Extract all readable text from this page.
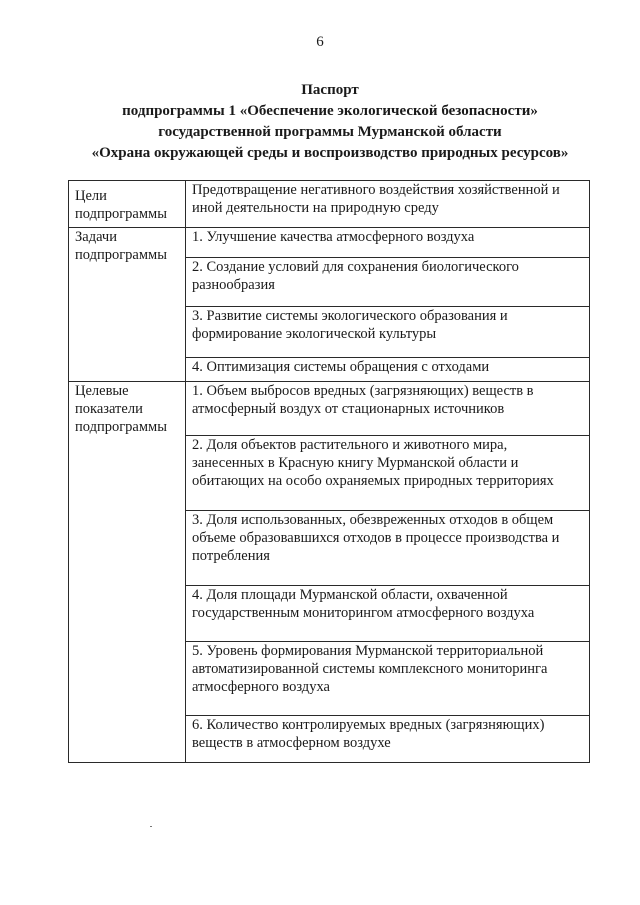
6
Паспорт
подпрограммы 1 «Обеспечение экологической безопасности»
государственной программы Мурманской области
«Охрана окружающей среды и воспроизводство природных ресурсов»
Цели подпрограммы	Предотвращение негативного воздействия хозяйственной и иной деятельности на природную среду
Задачи подпрограммы	1. Улучшение качества атмосферного воздуха
	2. Создание условий для сохранения биологического разнообразия
	3. Развитие системы экологического образования и формирование экологической культуры
	4. Оптимизация системы обращения с отходами
Целевые показатели подпрограммы	1. Объем выбросов вредных (загрязняющих) веществ в атмосферный воздух от стационарных источников
	2. Доля объектов растительного и животного мира, занесенных в Красную книгу Мурманской области и обитающих на особо охраняемых природных территориях
	3. Доля использованных, обезвреженных отходов в общем объеме образовавшихся отходов в процессе производства и потребления
	4. Доля площади Мурманской области, охваченной государственным мониторингом атмосферного воздуха
	5. Уровень формирования Мурманской территориальной автоматизированной системы комплексного мониторинга атмосферного воздуха
	6. Количество контролируемых вредных (загрязняющих) веществ в атмосферном воздухе
